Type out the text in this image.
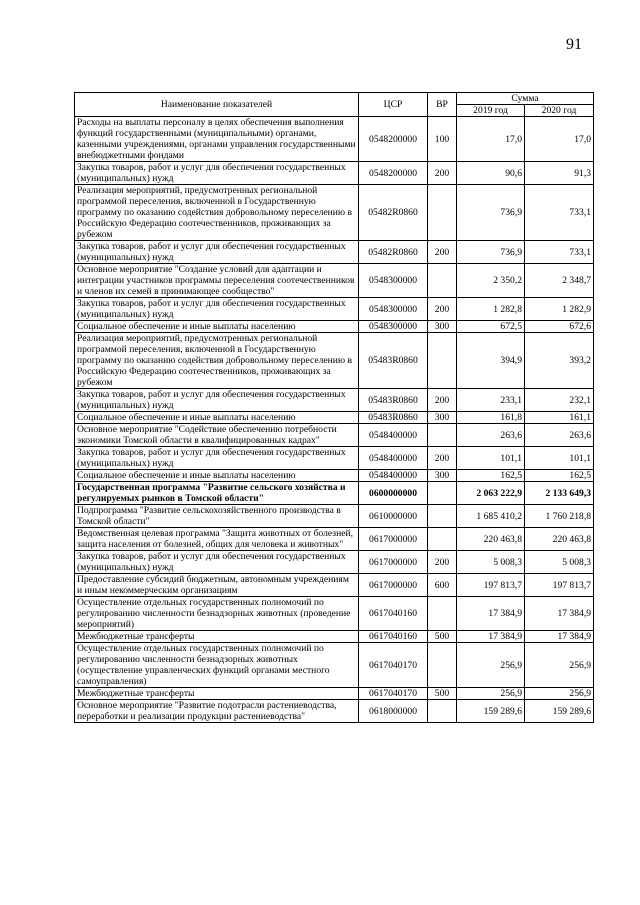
91
Наименование показателей	ЦСР	ВР	Сумма	
			2019 год	2020 год
Расходы на выплаты персоналу в целях обеспечения выполнения функций государственными (муниципальными) органами, казенными учреждениями, органами управления государственными внебюджетными фондами	0548200000	100	17,0	17,0
Закупка товаров, работ и услуг для обеспечения государственных (муниципальных) нужд	0548200000	200	90,6	91,3
Реализация мероприятий, предусмотренных региональной программой переселения, включенной в Государственную программу по оказанию содействия добровольному переселению в Российскую Федерацию соотечественников, проживающих за рубежом	05482R0860		736,9	733,1
Закупка товаров, работ и услуг для обеспечения государственных (муниципальных) нужд	05482R0860	200	736,9	733,1
Основное мероприятие "Создание условий для адаптации и интеграции участников программы переселения соотечественников и членов их семей в принимающее сообщество"	0548300000		2 350,2	2 348,7
Закупка товаров, работ и услуг для обеспечения государственных (муниципальных) нужд	0548300000	200	1 282,8	1 282,9
Социальное обеспечение и иные выплаты населению	0548300000	300	672,5	672,6
Реализация мероприятий, предусмотренных региональной программой переселения, включенной в Государственную программу по оказанию содействия добровольному переселению в Российскую Федерацию соотечественников, проживающих за рубежом	05483R0860		394,9	393,2
Закупка товаров, работ и услуг для обеспечения государственных (муниципальных) нужд	05483R0860	200	233,1	232,1
Социальное обеспечение и иные выплаты населению	05483R0860	300	161,8	161,1
Основное мероприятие "Содействие обеспечению потребности экономики Томской области в квалифицированных кадрах"	0548400000		263,6	263,6
Закупка товаров, работ и услуг для обеспечения государственных (муниципальных) нужд	0548400000	200	101,1	101,1
Социальное обеспечение и иные выплаты населению	0548400000	300	162,5	162,5
Государственная программа "Развитие сельского хозяйства и регулируемых рынков в Томской области"	0600000000		2 063 222,9	2 133 649,3
Подпрограмма "Развитие сельскохозяйственного производства в Томской области"	0610000000		1 685 410,2	1 760 218,8
Ведомственная целевая программа "Защита животных от болезней, защита населения от болезней, общих для человека и животных"	0617000000		220 463,8	220 463,8
Закупка товаров, работ и услуг для обеспечения государственных (муниципальных) нужд	0617000000	200	5 008,3	5 008,3
Предоставление субсидий бюджетным, автономным учреждениям и иным некоммерческим организациям	0617000000	600	197 813,7	197 813,7
Осуществление отдельных государственных полномочий по регулированию численности безнадзорных животных (проведение мероприятий)	0617040160		17 384,9	17 384,9
Межбюджетные трансферты	0617040160	500	17 384,9	17 384,9
Осуществление отдельных государственных полномочий по регулированию численности безнадзорных животных (осуществление управленческих функций органами местного самоуправления)	0617040170		256,9	256,9
Межбюджетные трансферты	0617040170	500	256,9	256,9
Основное мероприятие "Развитие подотрасли растениеводства, переработки и реализации продукции растениеводства"	0618000000		159 289,6	159 289,6
